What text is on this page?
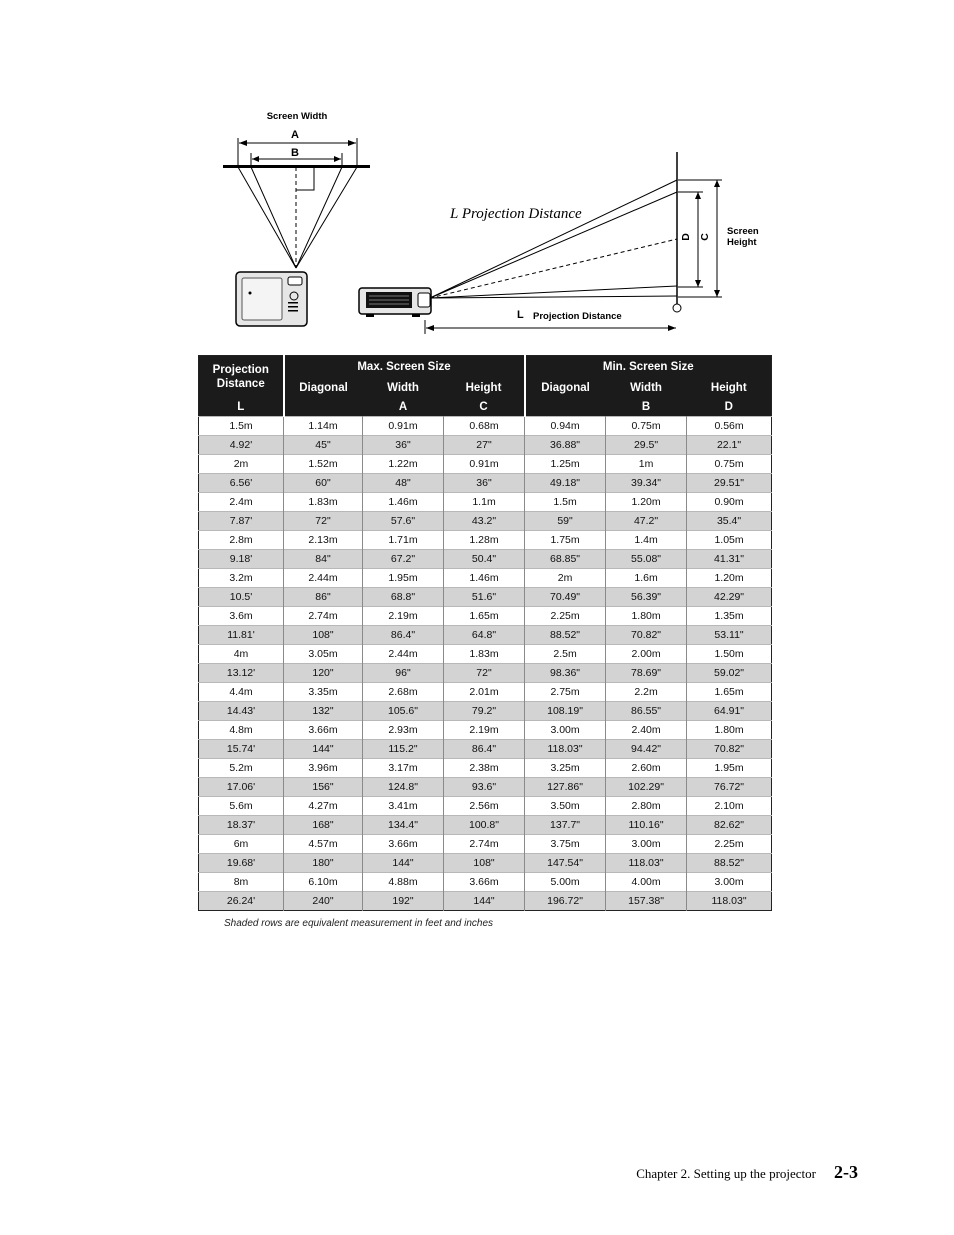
Screen Width
A
B
L Projection Distance
D C Screen
Height
L Projection Distance
Projection
Distance	Max. Screen Size			Min. Screen Size		
	Diagonal	Width	Height	Diagonal	Width	Height
L		A	C		B	D
1.5m	1.14m	0.91m	0.68m	0.94m	0.75m	0.56m
4.92'	45"	36"	27"	36.88"	29.5"	22.1"
2m	1.52m	1.22m	0.91m	1.25m	1m	0.75m
6.56'	60"	48"	36"	49.18"	39.34"	29.51"
2.4m	1.83m	1.46m	1.1m	1.5m	1.20m	0.90m
7.87'	72"	57.6"	43.2"	59"	47.2"	35.4"
2.8m	2.13m	1.71m	1.28m	1.75m	1.4m	1.05m
9.18'	84"	67.2"	50.4"	68.85"	55.08"	41.31"
3.2m	2.44m	1.95m	1.46m	2m	1.6m	1.20m
10.5'	86"	68.8"	51.6"	70.49"	56.39"	42.29"
3.6m	2.74m	2.19m	1.65m	2.25m	1.80m	1.35m
11.81'	108"	86.4"	64.8"	88.52"	70.82"	53.11"
4m	3.05m	2.44m	1.83m	2.5m	2.00m	1.50m
13.12'	120"	96"	72"	98.36"	78.69"	59.02"
4.4m	3.35m	2.68m	2.01m	2.75m	2.2m	1.65m
14.43'	132"	105.6"	79.2"	108.19"	86.55"	64.91"
4.8m	3.66m	2.93m	2.19m	3.00m	2.40m	1.80m
15.74'	144"	115.2"	86.4"	118.03"	94.42"	70.82"
5.2m	3.96m	3.17m	2.38m	3.25m	2.60m	1.95m
17.06'	156"	124.8"	93.6"	127.86"	102.29"	76.72"
5.6m	4.27m	3.41m	2.56m	3.50m	2.80m	2.10m
18.37'	168"	134.4"	100.8"	137.7"	110.16"	82.62"
6m	4.57m	3.66m	2.74m	3.75m	3.00m	2.25m
19.68'	180"	144"	108"	147.54"	118.03"	88.52"
8m	6.10m	4.88m	3.66m	5.00m	4.00m	3.00m
26.24'	240"	192"	144"	196.72"	157.38"	118.03"
Shaded rows are equivalent measurement in feet and inches
Chapter 2. Setting up the projector 2-3
